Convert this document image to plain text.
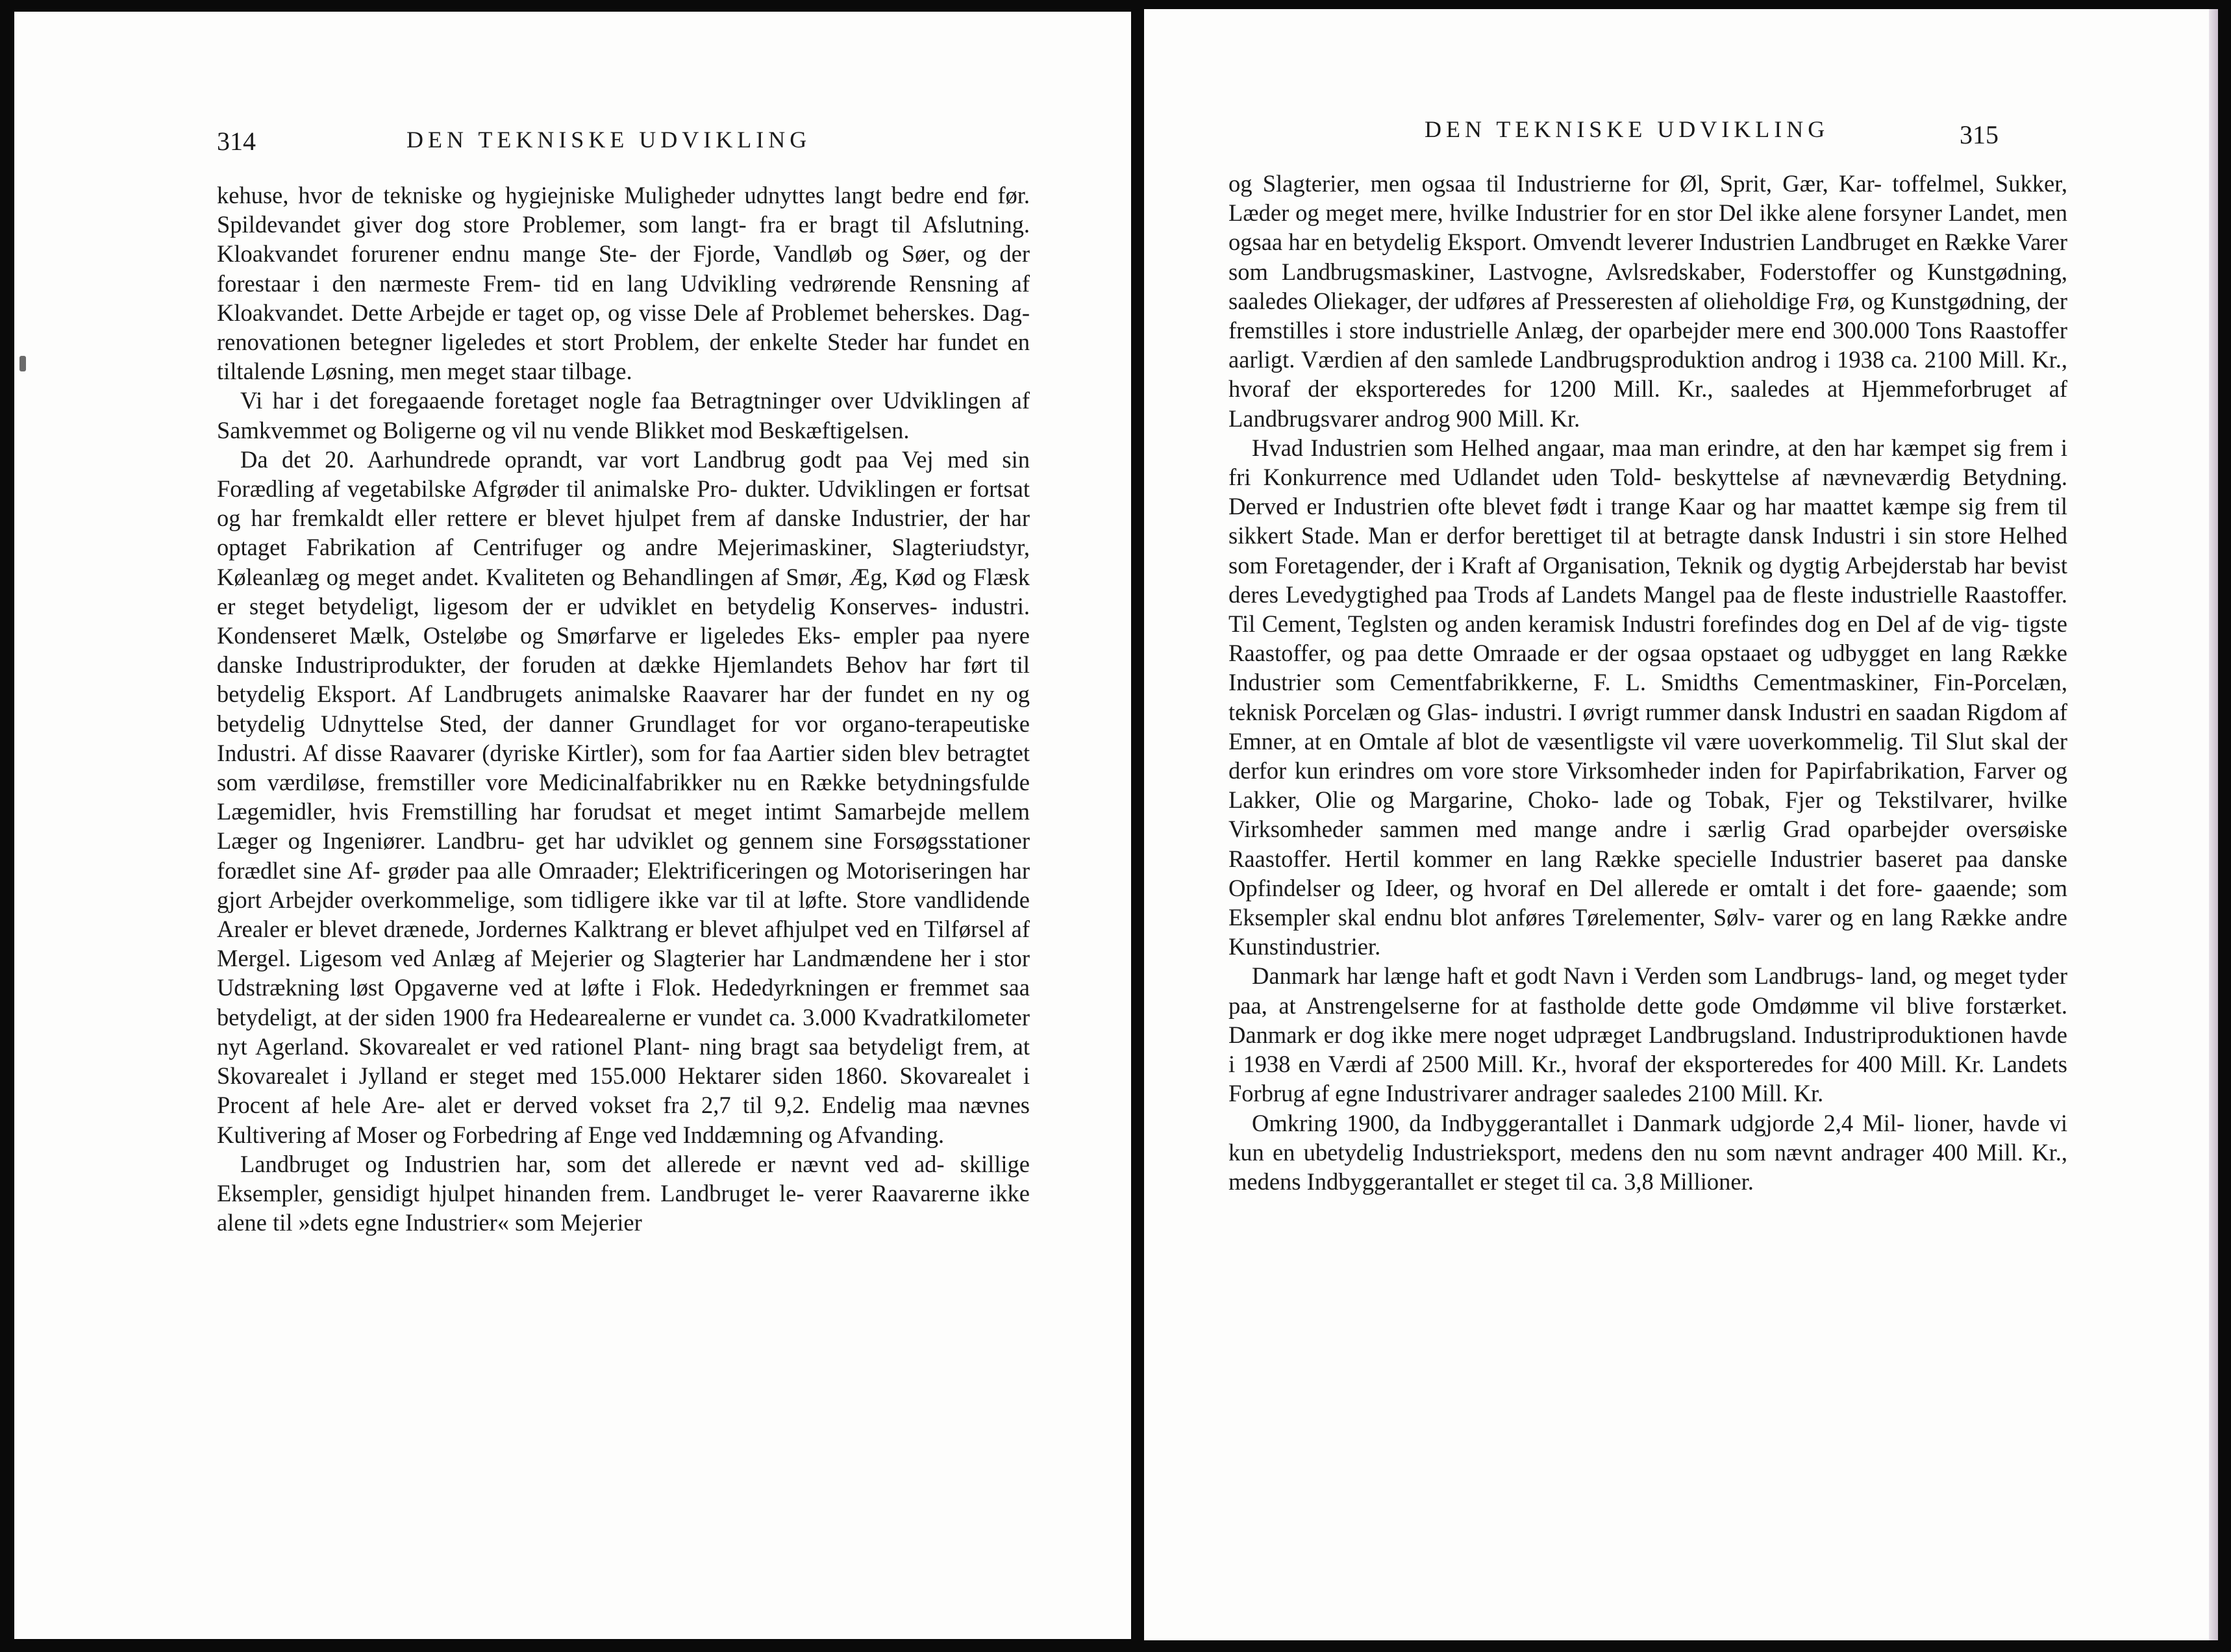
314	DEN TEKNISKE UDVIKLING

kehuse, hvor de tekniske og hygiejniske Muligheder udnyttes langt bedre end før. Spildevandet giver dog store Problemer, som langt- fra er bragt til Afslutning. Kloakvandet forurener endnu mange Ste- der Fjorde, Vandløb og Søer, og der forestaar i den nærmeste Frem- tid en lang Udvikling vedrørende Rensning af Kloakvandet. Dette Arbejde er taget op, og visse Dele af Problemet beherskes. Dag- renovationen betegner ligeledes et stort Problem, der enkelte Steder har fundet en tiltalende Løsning, men meget staar tilbage.

Vi har i det foregaaende foretaget nogle faa Betragtninger over Udviklingen af Samkvemmet og Boligerne og vil nu vende Blikket mod Beskæftigelsen.

Da det 20. Aarhundrede oprandt, var vort Landbrug godt paa Vej med sin Forædling af vegetabilske Afgrøder til animalske Pro- dukter. Udviklingen er fortsat og har fremkaldt eller rettere er blevet hjulpet frem af danske Industrier, der har optaget Fabrikation af Centrifuger og andre Mejerimaskiner, Slagteriudstyr, Køleanlæg og meget andet. Kvaliteten og Behandlingen af Smør, Æg, Kød og Flæsk er steget betydeligt, ligesom der er udviklet en betydelig Konserves- industri. Kondenseret Mælk, Osteløbe og Smørfarve er ligeledes Eks- empler paa nyere danske Industriprodukter, der foruden at dække Hjemlandets Behov har ført til betydelig Eksport. Af Landbrugets animalske Raavarer har der fundet en ny og betydelig Udnyttelse Sted, der danner Grundlaget for vor organo-terapeutiske Industri. Af disse Raavarer (dyriske Kirtler), som for faa Aartier siden blev betragtet som værdiløse, fremstiller vore Medicinalfabrikker nu en Række betydningsfulde Lægemidler, hvis Fremstilling har forudsat et meget intimt Samarbejde mellem Læger og Ingeniører. Landbru- get har udviklet og gennem sine Forsøgsstationer forædlet sine Af- grøder paa alle Omraader; Elektrificeringen og Motoriseringen har gjort Arbejder overkommelige, som tidligere ikke var til at løfte. Store vandlidende Arealer er blevet drænede, Jordernes Kalktrang er blevet afhjulpet ved en Tilførsel af Mergel. Ligesom ved Anlæg af Mejerier og Slagterier har Landmændene her i stor Udstrækning løst Opgaverne ved at løfte i Flok. Hededyrkningen er fremmet saa betydeligt, at der siden 1900 fra Hedearealerne er vundet ca. 3.000 Kvadratkilometer nyt Agerland. Skovarealet er ved rationel Plant- ning bragt saa betydeligt frem, at Skovarealet i Jylland er steget med 155.000 Hektarer siden 1860. Skovarealet i Procent af hele Are- alet er derved vokset fra 2,7 til 9,2. Endelig maa nævnes Kultivering af Moser og Forbedring af Enge ved Inddæmning og Afvanding.

Landbruget og Industrien har, som det allerede er nævnt ved ad- skillige Eksempler, gensidigt hjulpet hinanden frem. Landbruget le- verer Raavarerne ikke alene til »dets egne Industrier« som Mejerier

DEN TEKNISKE UDVIKLING	315

og Slagterier, men ogsaa til Industrierne for Øl, Sprit, Gær, Kar- toffelmel, Sukker, Læder og meget mere, hvilke Industrier for en stor Del ikke alene forsyner Landet, men ogsaa har en betydelig Eksport. Omvendt leverer Industrien Landbruget en Række Varer som Landbrugsmaskiner, Lastvogne, Avlsredskaber, Foderstoffer og Kunstgødning, saaledes Oliekager, der udføres af Presseresten af olieholdige Frø, og Kunstgødning, der fremstilles i store industrielle Anlæg, der oparbejder mere end 300.000 Tons Raastoffer aarligt. Værdien af den samlede Landbrugsproduktion androg i 1938 ca. 2100 Mill. Kr., hvoraf der eksporteredes for 1200 Mill. Kr., saaledes at Hjemmeforbruget af Landbrugsvarer androg 900 Mill. Kr.

Hvad Industrien som Helhed angaar, maa man erindre, at den har kæmpet sig frem i fri Konkurrence med Udlandet uden Told- beskyttelse af nævneværdig Betydning. Derved er Industrien ofte blevet født i trange Kaar og har maattet kæmpe sig frem til sikkert Stade. Man er derfor berettiget til at betragte dansk Industri i sin store Helhed som Foretagender, der i Kraft af Organisation, Teknik og dygtig Arbejderstab har bevist deres Levedygtighed paa Trods af Landets Mangel paa de fleste industrielle Raastoffer. Til Cement, Teglsten og anden keramisk Industri forefindes dog en Del af de vig- tigste Raastoffer, og paa dette Omraade er der ogsaa opstaaet og udbygget en lang Række Industrier som Cementfabrikkerne, F. L. Smidths Cementmaskiner, Fin-Porcelæn, teknisk Porcelæn og Glas- industri. I øvrigt rummer dansk Industri en saadan Rigdom af Emner, at en Omtale af blot de væsentligste vil være uoverkommelig. Til Slut skal der derfor kun erindres om vore store Virksomheder inden for Papirfabrikation, Farver og Lakker, Olie og Margarine, Choko- lade og Tobak, Fjer og Tekstilvarer, hvilke Virksomheder sammen med mange andre i særlig Grad oparbejder oversøiske Raastoffer. Hertil kommer en lang Række specielle Industrier baseret paa danske Opfindelser og Ideer, og hvoraf en Del allerede er omtalt i det fore- gaaende; som Eksempler skal endnu blot anføres Tørelementer, Sølv- varer og en lang Række andre Kunstindustrier.

Danmark har længe haft et godt Navn i Verden som Landbrugs- land, og meget tyder paa, at Anstrengelserne for at fastholde dette gode Omdømme vil blive forstærket. Danmark er dog ikke mere noget udpræget Landbrugsland. Industriproduktionen havde i 1938 en Værdi af 2500 Mill. Kr., hvoraf der eksporteredes for 400 Mill. Kr. Landets Forbrug af egne Industrivarer andrager saaledes 2100 Mill. Kr.

Omkring 1900, da Indbyggerantallet i Danmark udgjorde 2,4 Mil- lioner, havde vi kun en ubetydelig Industrieksport, medens den nu som nævnt andrager 400 Mill. Kr., medens Indbyggerantallet er steget til ca. 3,8 Millioner.
